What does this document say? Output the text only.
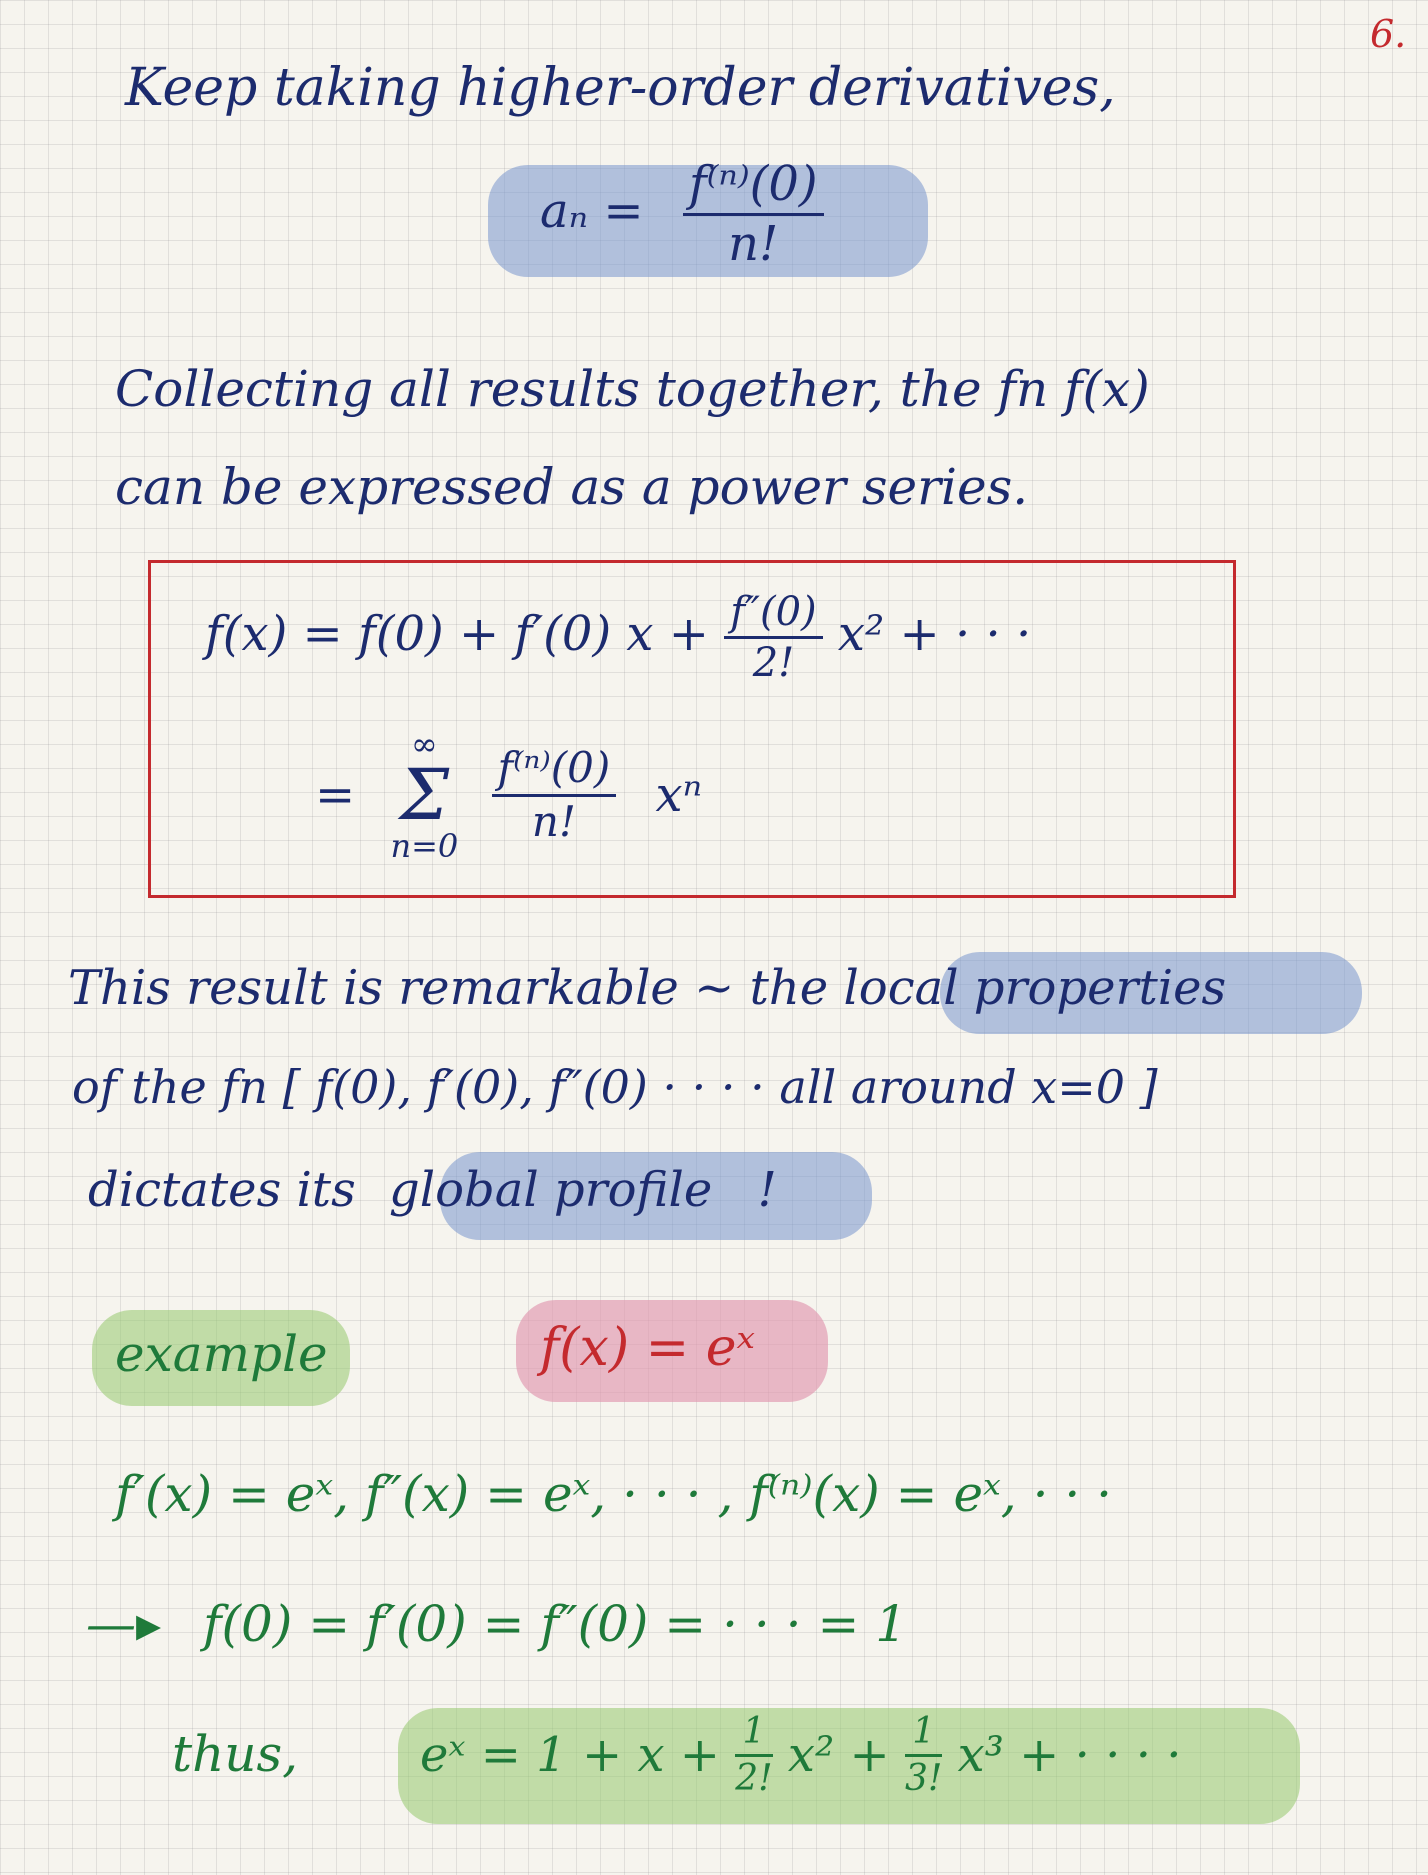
6.
Keep taking higher-order derivatives,
$a_n = \frac{\text{f⁽ⁿ⁾(0)}}{n!}$
Collecting all results together, the fn f(x)
can be expressed as a power series.
f(x) = f(0) + f′(0) $x + \frac{f''(0)}{2!} x^2$ + · · ·
=
∞
Σ
n=0

$\frac{\text{f⁽ⁿ⁾(0)}}{n!}$ xⁿ
This result is remarkable ~ the local properties
of the fn [ f(0), f′(0), f″(0) · · · · all around x=0 ]
dictates its global profile !
example	f(x) = eˣ
f′(x) = eˣ, f″(x) = eˣ, · · · , f⁽ⁿ⁾(x) = eˣ, · · ·
—▸ f(0) = f′(0) = f″(0) = · · · = 1
thus,	eˣ = $1 + x + \frac{1}{2!} x^2 + \frac{1}{3!} x^3$ + · · · ·
